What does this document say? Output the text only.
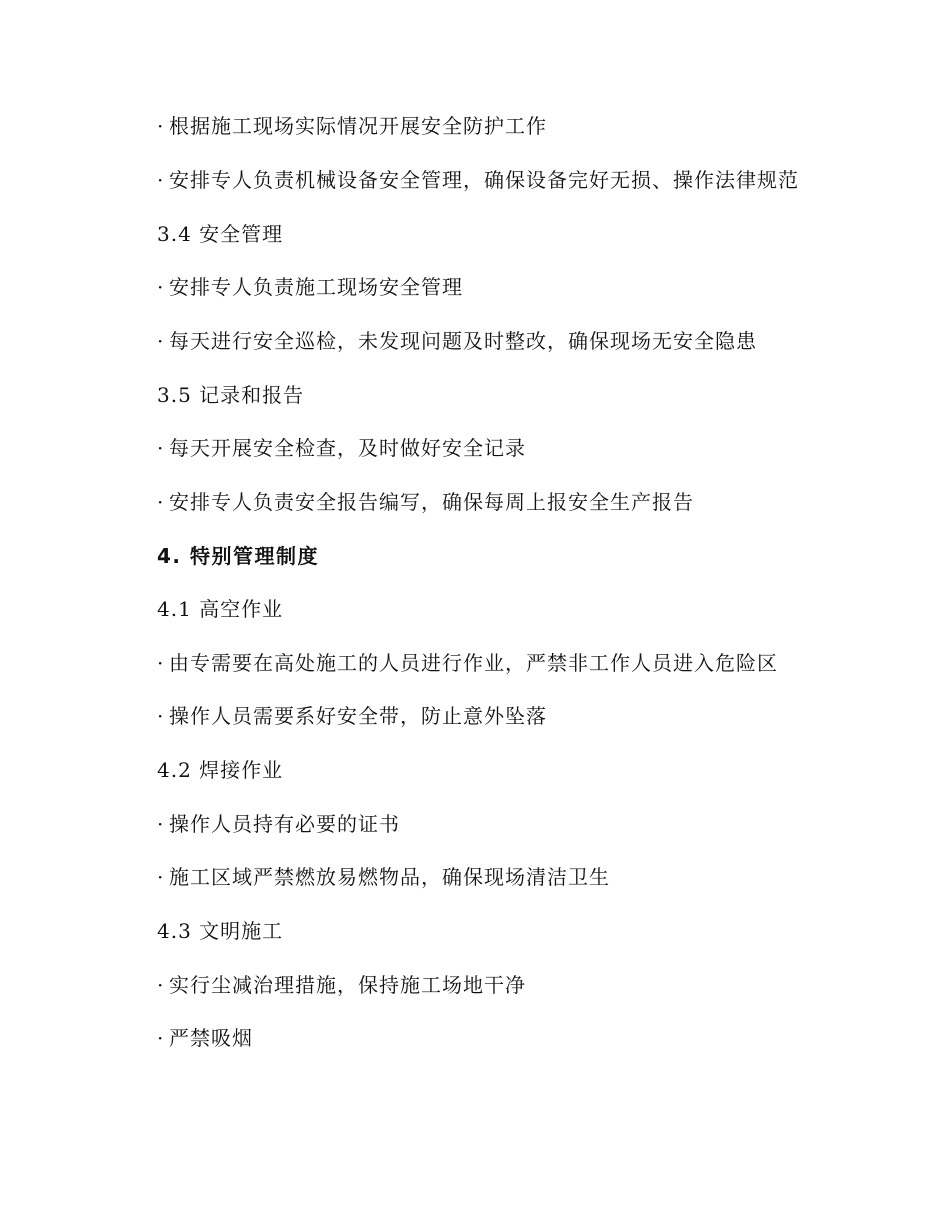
· 根据施工现场实际情况开展安全防护工作
· 安排专人负责机械设备安全管理，确保设备完好无损、操作法律规范
3.4 安全管理
· 安排专人负责施工现场安全管理
· 每天进行安全巡检，未发现问题及时整改，确保现场无安全隐患
3.5 记录和报告
· 每天开展安全检查，及时做好安全记录
· 安排专人负责安全报告编写，确保每周上报安全生产报告
4. 特别管理制度
4.1 高空作业
· 由专需要在高处施工的人员进行作业，严禁非工作人员进入危险区
· 操作人员需要系好安全带，防止意外坠落
4.2 焊接作业
· 操作人员持有必要的证书
· 施工区域严禁燃放易燃物品，确保现场清洁卫生
4.3 文明施工
· 实行尘减治理措施，保持施工场地干净
· 严禁吸烟
